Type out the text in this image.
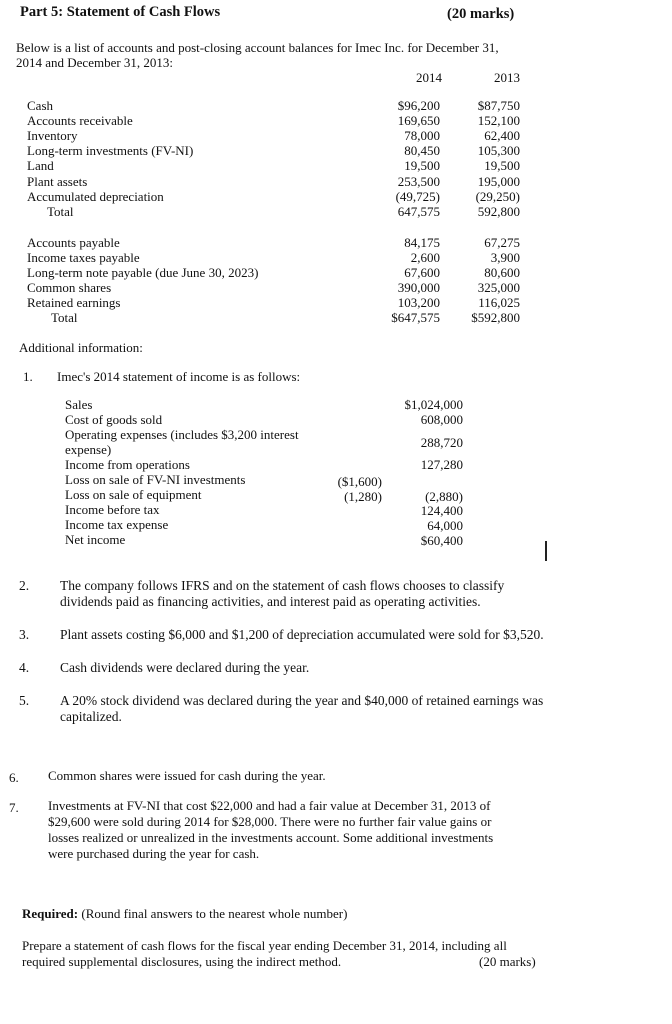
Part 5: Statement of Cash Flows	(20 marks)
Below is a list of accounts and post-closing account balances for Imec Inc. for December 31,
2014 and December 31, 2013:
2014	2013
Cash	$96,200	$87,750
Accounts receivable	169,650	152,100
Inventory	78,000	62,400
Long-term investments (FV-NI)	80,450	105,300
Land	19,500	19,500
Plant assets	253,500	195,000
Accumulated depreciation	(49,725)	(29,250)
Total	647,575	592,800
Accounts payable	84,175	67,275
Income taxes payable	2,600	3,900
Long-term note payable (due June 30, 2023)	67,600	80,600
Common shares	390,000	325,000
Retained earnings	103,200	116,025
Total	$647,575	$592,800
Additional information:
1. Imec's 2014 statement of income is as follows:
Sales	$1,024,000
Cost of goods sold	608,000
Operating expenses (includes $3,200 interest
expense)	288,720
Income from operations	127,280
Loss on sale of FV-NI investments	($1,600)
Loss on sale of equipment	(1,280)	(2,880)
Income before tax	124,400
Income tax expense	64,000
Net income	$60,400
2. The company follows IFRS and on the statement of cash flows chooses to classify dividends paid as financing activities, and interest paid as operating activities.
3. Plant assets costing $6,000 and $1,200 of depreciation accumulated were sold for $3,520.
4. Cash dividends were declared during the year.
5. A 20% stock dividend was declared during the year and $40,000 of retained earnings was capitalized.
6. Common shares were issued for cash during the year.
7. Investments at FV-NI that cost $22,000 and had a fair value at December 31, 2013 of $29,600 were sold during 2014 for $28,000. There were no further fair value gains or losses realized or unrealized in the investments account. Some additional investments were purchased during the year for cash.
Required: (Round final answers to the nearest whole number)
Prepare a statement of cash flows for the fiscal year ending December 31, 2014, including all required supplemental disclosures, using the indirect method.	(20 marks)
